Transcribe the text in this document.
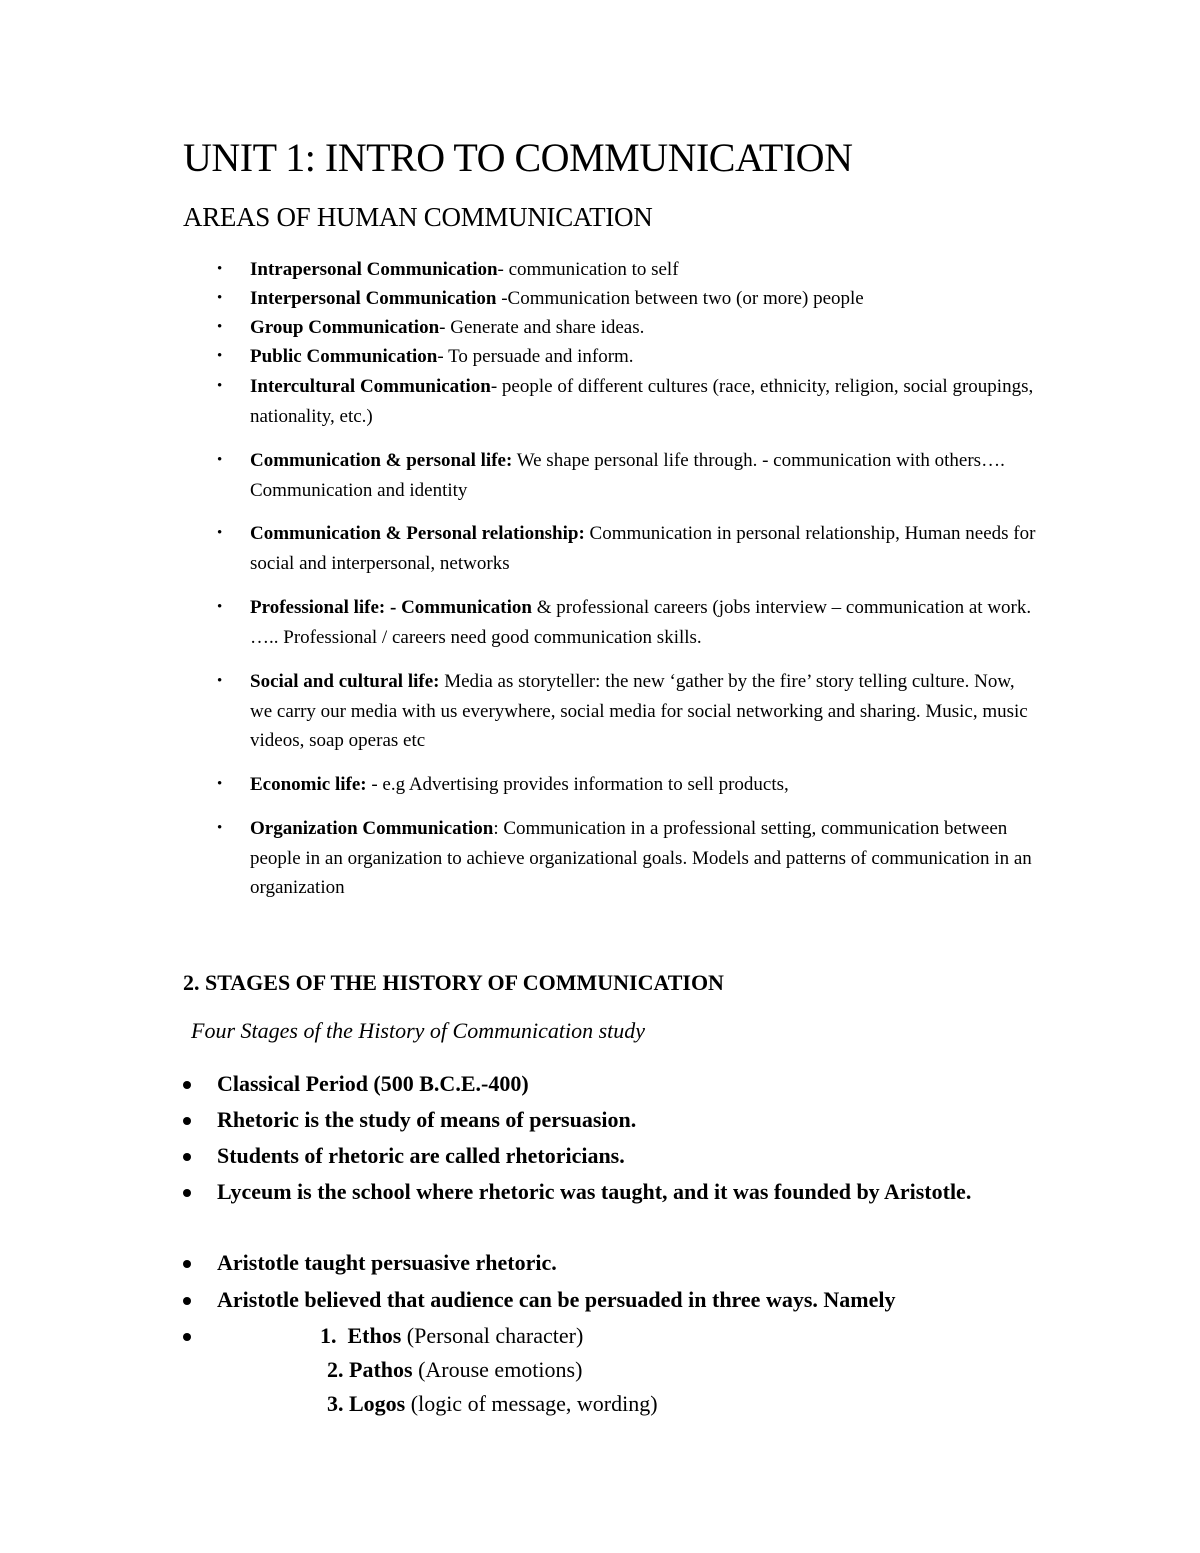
UNIT 1: INTRO TO COMMUNICATION
AREAS OF HUMAN COMMUNICATION
• Intrapersonal Communication- communication to self
• Interpersonal Communication -Communication between two (or more) people
• Group Communication- Generate and share ideas.
• Public Communication- To persuade and inform.
• Intercultural Communication- people of different cultures (race, ethnicity, religion, social groupings, nationality, etc.)
• Communication & personal life: We shape personal life through. - communication with others…. Communication and identity
• Communication & Personal relationship: Communication in personal relationship, Human needs for social and interpersonal, networks
• Professional life: - Communication & professional careers (jobs interview – communication at work. ….. Professional / careers need good communication skills.
• Social and cultural life: Media as storyteller: the new ‘gather by the fire’ story telling culture. Now, we carry our media with us everywhere, social media for social networking and sharing. Music, music videos, soap operas etc
• Economic life: - e.g Advertising provides information to sell products,
• Organization Communication: Communication in a professional setting, communication between people in an organization to achieve organizational goals. Models and patterns of communication in an organization
2. STAGES OF THE HISTORY OF COMMUNICATION

Four Stages of the History of Communication study

Classical Period (500 B.C.E.-400)
Rhetoric is the study of means of persuasion.
Students of rhetoric are called rhetoricians.
Lyceum is the school where rhetoric was taught, and it was founded by Aristotle.
Aristotle taught persuasive rhetoric.
Aristotle believed that audience can be persuaded in three ways. Namely
1. Ethos (Personal character)
2. Pathos (Arouse emotions)
3. Logos (logic of message, wording)
